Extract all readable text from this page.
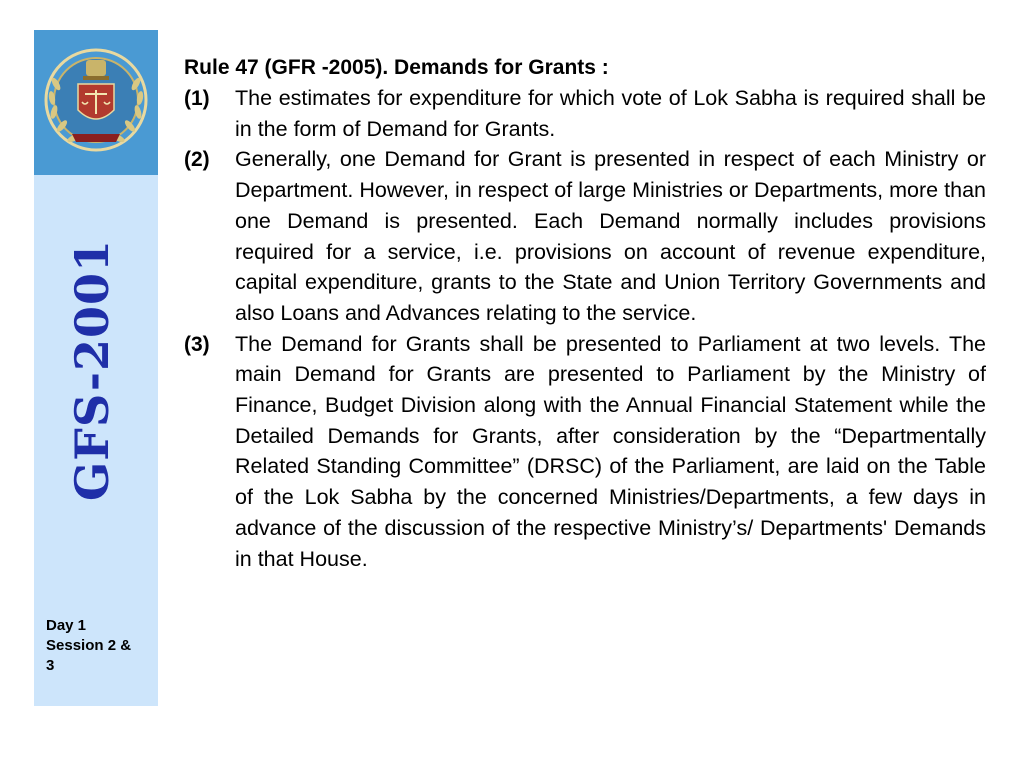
GFS-2001
Day 1
Session 2 &
3

Rule 47 (GFR -2005). Demands for Grants :

(1)	The estimates for expenditure for which vote of Lok Sabha is required shall be in the form of Demand for Grants.
(2)	Generally, one Demand for Grant is presented in respect of each Ministry or Department. However, in respect of large Ministries or Departments, more than one Demand is presented. Each Demand normally includes provisions required for a service, i.e. provisions on account of revenue expenditure, capital expenditure, grants to the State and Union Territory Governments and also Loans and Advances relating to the service.
(3)	The Demand for Grants shall be presented to Parliament at two levels. The main Demand for Grants are presented to Parliament by the Ministry of Finance, Budget Division along with the Annual Financial Statement while the Detailed Demands for Grants, after consideration by the “Departmentally Related Standing Committee” (DRSC) of the Parliament, are laid on the Table of the Lok Sabha by the concerned Ministries/Departments, a few days in advance of the discussion of the respective Ministry’s/ Departments' Demands in that House.
